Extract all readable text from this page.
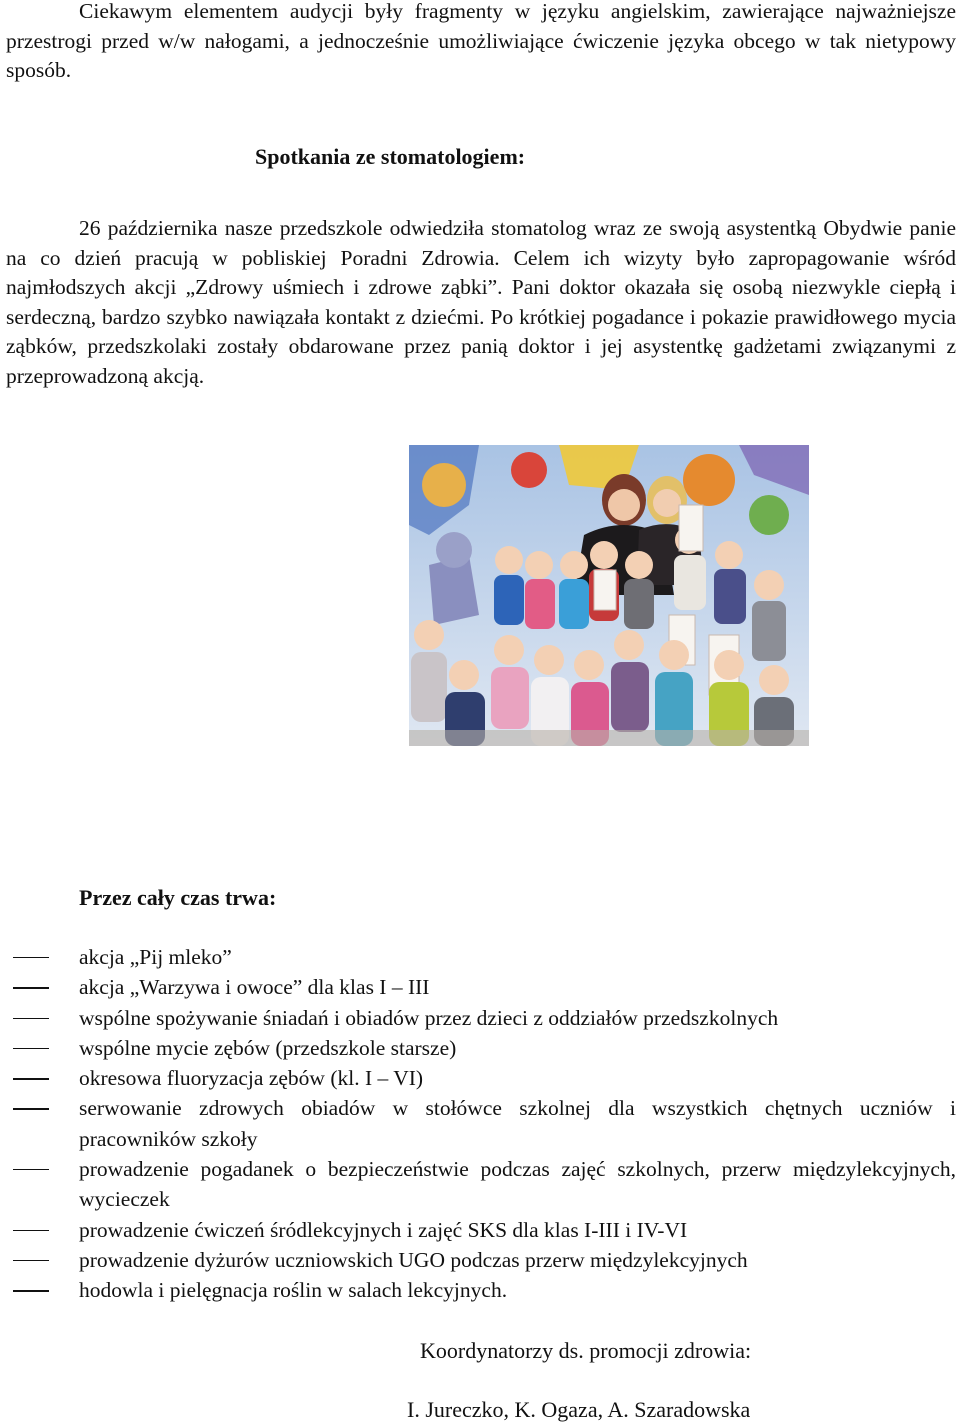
Ciekawym elementem audycji były fragmenty w języku angielskim, zawierające najważniejsze przestrogi przed w/w nałogami, a jednocześnie umożliwiające ćwiczenie języka obcego w tak nietypowy sposób.

Spotkania ze stomatologiem:

26 października nasze przedszkole odwiedziła stomatolog wraz ze swoją asystentką Obydwie panie na co dzień pracują w pobliskiej Poradni Zdrowia. Celem ich wizyty było zapropagowanie wśród najmłodszych akcji „Zdrowy uśmiech i zdrowe ząbki”. Pani doktor okazała się osobą niezwykle ciepłą i serdeczną, bardzo szybko nawiązała kontakt z dziećmi. Po krótkiej pogadance i pokazie prawidłowego mycia ząbków, przedszkolaki zostały obdarowane przez panią doktor i jej asystentkę gadżetami związanymi z przeprowadzoną akcją.

Przez cały czas trwa:
akcja „Pij mleko”
akcja „Warzywa i owoce” dla klas I – III
wspólne spożywanie śniadań i obiadów przez dzieci z oddziałów przedszkolnych
wspólne mycie zębów (przedszkole starsze)
okresowa fluoryzacja zębów (kl. I – VI)
serwowanie zdrowych obiadów w stołówce szkolnej dla wszystkich chętnych uczniów i pracowników szkoły
prowadzenie pogadanek o bezpieczeństwie podczas zajęć szkolnych, przerw międzylekcyjnych, wycieczek
prowadzenie ćwiczeń śródlekcyjnych i zajęć SKS dla klas I-III i IV-VI
prowadzenie dyżurów uczniowskich UGO podczas przerw międzylekcyjnych
hodowla i pielęgnacja roślin w salach lekcyjnych.

Koordynatorzy ds. promocji zdrowia:

I. Jureczko, K. Ogaza, A. Szaradowska
